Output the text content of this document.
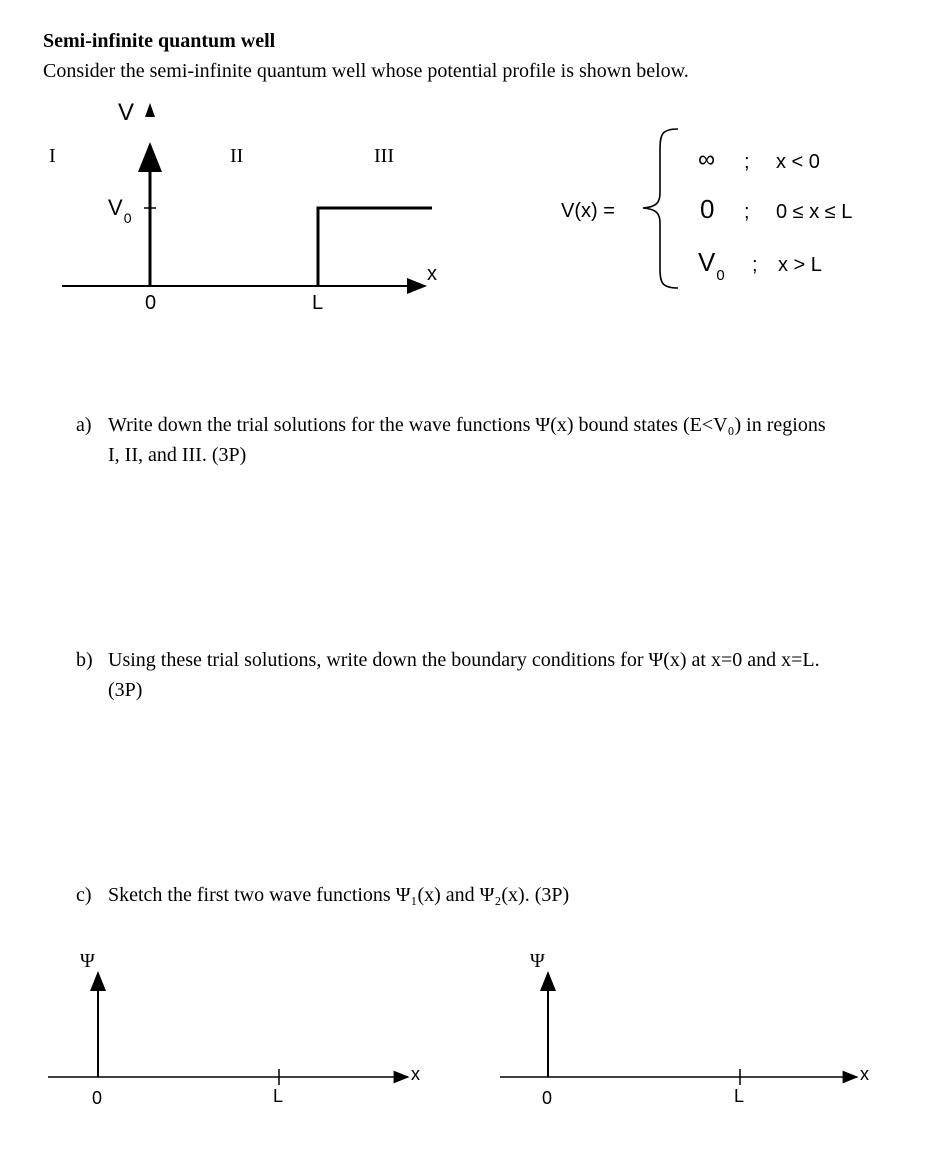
Semi-infinite quantum well
Consider the semi-infinite quantum well whose potential profile is shown below.
V
I	II	III
$V_0$
x
0	L
V(x) =
∞ ; x < 0
0 ; 0 ≤ x ≤ L
$V_0$ ; x > L
a) Write down the trial solutions for the wave functions Ψ(x) bound states (E<V₀) in regions
I, II, and III. (3P)
b) Using these trial solutions, write down the boundary conditions for Ψ(x) at x=0 and x=L.
(3P)
c) Sketch the first two wave functions Ψ₁(x) and Ψ₂(x). (3P)
Ψ
x
0	L
Ψ
x
0	L
